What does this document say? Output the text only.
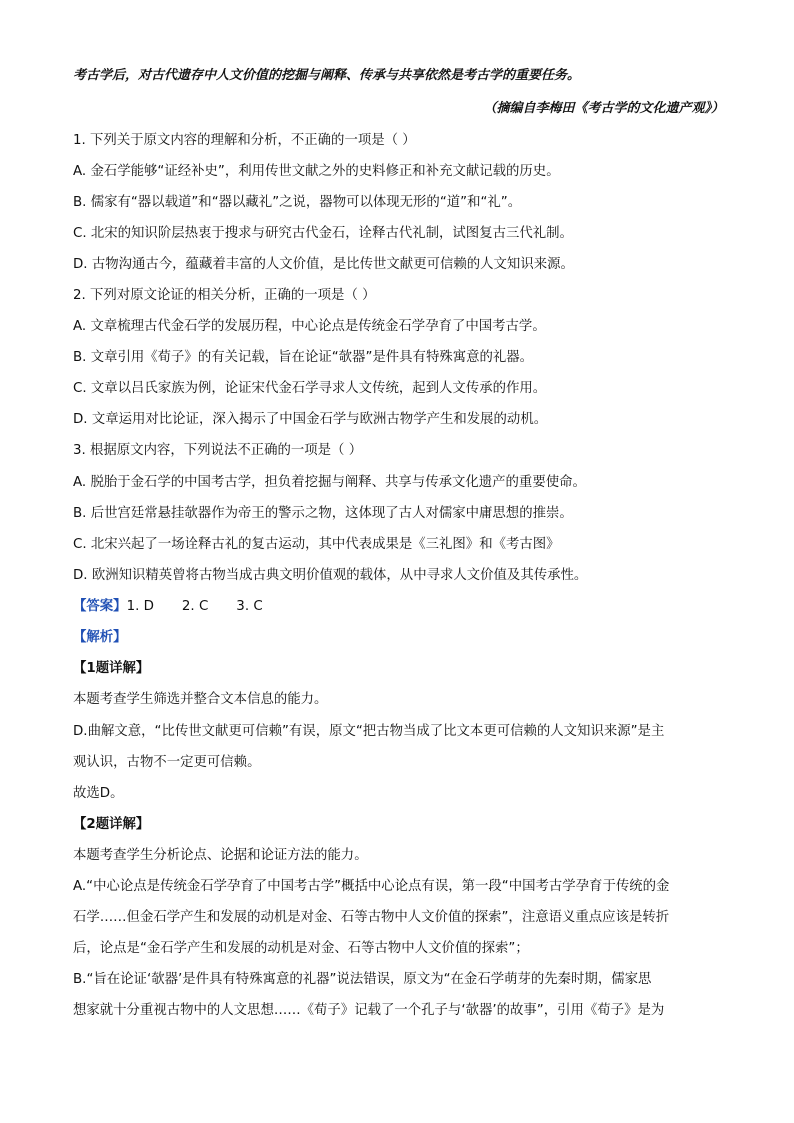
考古学后，对古代遗存中人文价值的挖掘与阐释、传承与共享依然是考古学的重要任务。
（摘编自李梅田《考古学的文化遗产观》）
1. 下列关于原文内容的理解和分析，不正确的一项是（ ）
A. 金石学能够“证经补史”，利用传世文献之外的史料修正和补充文献记载的历史。
B. 儒家有“器以载道”和“器以藏礼”之说，器物可以体现无形的“道”和“礼”。
C. 北宋的知识阶层热衷于搜求与研究古代金石，诠释古代礼制，试图复古三代礼制。
D. 古物沟通古今，蕴藏着丰富的人文价值，是比传世文献更可信赖的人文知识来源。
2. 下列对原文论证的相关分析，正确的一项是（ ）
A. 文章梳理古代金石学的发展历程，中心论点是传统金石学孕育了中国考古学。
B. 文章引用《荀子》的有关记载，旨在论证“欹器”是件具有特殊寓意的礼器。
C. 文章以吕氏家族为例，论证宋代金石学寻求人文传统，起到人文传承的作用。
D. 文章运用对比论证，深入揭示了中国金石学与欧洲古物学产生和发展的动机。
3. 根据原文内容，下列说法不正确的一项是（ ）
A. 脱胎于金石学的中国考古学，担负着挖掘与阐释、共享与传承文化遗产的重要使命。
B. 后世宫廷常悬挂欹器作为帝王的警示之物，这体现了古人对儒家中庸思想的推崇。
C. 北宋兴起了一场诠释古礼的复古运动，其中代表成果是《三礼图》和《考古图》
D. 欧洲知识精英曾将古物当成古典文明价值观的载体，从中寻求人文价值及其传承性。
【答案】1. D 2. C 3. C
【解析】
【1题详解】
本题考查学生筛选并整合文本信息的能力。
D.曲解文意，“比传世文献更可信赖”有误，原文“把古物当成了比文本更可信赖的人文知识来源”是主
观认识，古物不一定更可信赖。
故选D。
【2题详解】
本题考查学生分析论点、论据和论证方法的能力。
A.“中心论点是传统金石学孕育了中国考古学”概括中心论点有误，第一段“中国考古学孕育于传统的金
石学……但金石学产生和发展的动机是对金、石等古物中人文价值的探索”，注意语义重点应该是转折
后，论点是“金石学产生和发展的动机是对金、石等古物中人文价值的探索”；
B.“旨在论证‘欹器’是件具有特殊寓意的礼器”说法错误，原文为“在金石学萌芽的先秦时期，儒家思
想家就十分重视古物中的人文思想……《荀子》记载了一个孔子与‘欹器’的故事”，引用《荀子》是为
